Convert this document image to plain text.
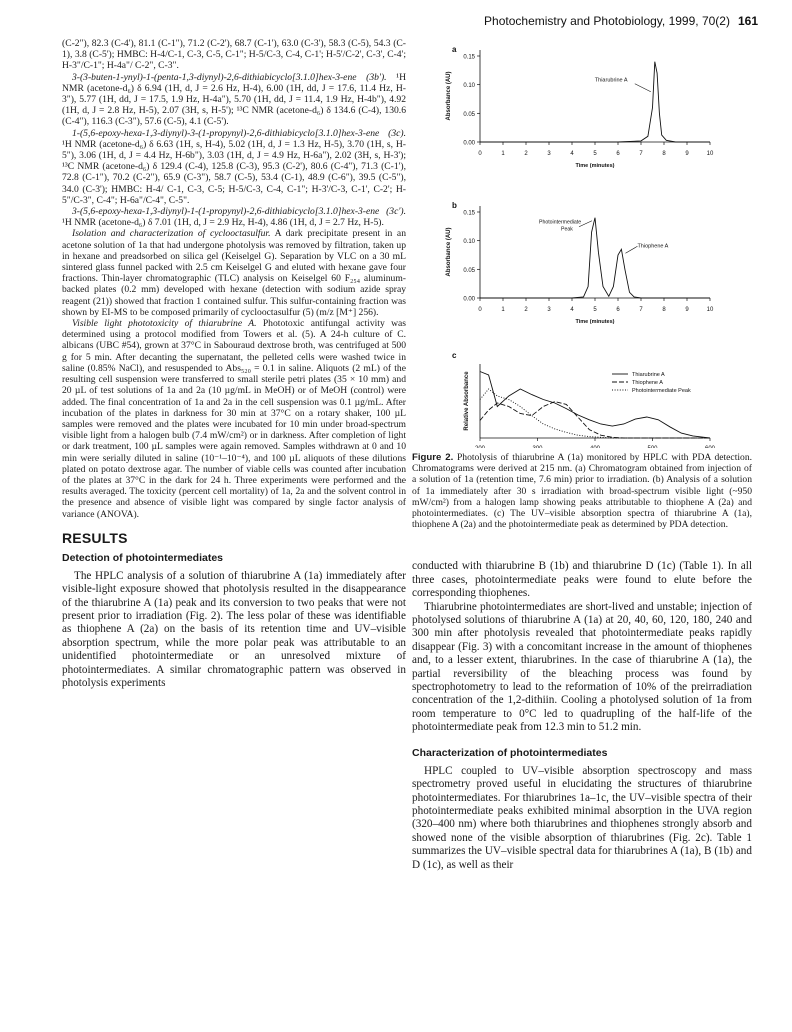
Photochemistry and Photobiology, 1999, 70(2) 161

(C-2"), 82.3 (C-4'), 81.1 (C-1"), 71.2 (C-2'), 68.7 (C-1'), 63.0 (C-3'), 58.3 (C-5), 54.3 (C-1), 3.8 (C-5'); HMBC: H-4/C-1, C-3, C-5, C-1"; H-5/C-3, C-4, C-1'; H-5'/C-2', C-3', C-4'; H-3"/C-1"; H-4a"/ C-2", C-3".

3-(3-buten-1-ynyl)-1-(penta-1,3-diynyl)-2,6-dithiabicyclo[3.1.0]hex-3-ene (3b'). ¹H NMR (acetone-d₆) δ 6.94 (1H, d, J = 2.6 Hz, H-4), 6.00 (1H, dd, J = 17.6, 11.4 Hz, H-3"), 5.77 (1H, dd, J = 17.5, 1.9 Hz, H-4a"), 5.70 (1H, dd, J = 11.4, 1.9 Hz, H-4b"), 4.92 (1H, d, J = 2.8 Hz, H-5), 2.07 (3H, s, H-5'); ¹³C NMR (acetone-d₆) δ 134.6 (C-4), 130.6 (C-4"), 116.3 (C-3"), 57.6 (C-5), 4.1 (C-5').

1-(5,6-epoxy-hexa-1,3-diynyl)-3-(1-propynyl)-2,6-dithiabicyclo[3.1.0]hex-3-ene (3c). ¹H NMR (acetone-d₆) δ 6.63 (1H, s, H-4), 5.02 (1H, d, J = 1.3 Hz, H-5), 3.70 (1H, s, H-5"), 3.06 (1H, d, J = 4.4 Hz, H-6b"), 3.03 (1H, d, J = 4.9 Hz, H-6a"), 2.02 (3H, s, H-3'); ¹³C NMR (acetone-d₆) δ 129.4 (C-4), 125.8 (C-3), 95.3 (C-2'), 80.6 (C-4"), 71.3 (C-1'), 72.8 (C-1"), 70.2 (C-2"), 65.9 (C-3"), 58.7 (C-5), 53.4 (C-1), 48.9 (C-6"), 39.5 (C-5"), 34.0 (C-3'); HMBC: H-4/ C-1, C-3, C-5; H-5/C-3, C-4, C-1"; H-3'/C-3, C-1', C-2'; H-5"/C-3", C-4"; H-6a"/C-4", C-5".

3-(5,6-epoxy-hexa-1,3-diynyl)-1-(1-propynyl)-2,6-dithiabicyclo[3.1.0]hex-3-ene (3c'). ¹H NMR (acetone-d₆) δ 7.01 (1H, d, J = 2.9 Hz, H-4), 4.86 (1H, d, J = 2.7 Hz, H-5).

Isolation and characterization of cyclooctasulfur. A dark precipitate present in an acetone solution of 1a that had undergone photolysis was removed by filtration, taken up in hexane and preadsorbed on silica gel (Keiselgel G). Separation by VLC on a 30 mL sintered glass funnel packed with 2.5 cm Keiselgel G and eluted with hexane gave four fractions. Thin-layer chromatographic (TLC) analysis on Keiselgel 60 F₂₅₄ aluminum-backed plates (0.2 mm) developed with hexane (detection with sodium azide spray reagent (21)) showed that fraction 1 contained sulfur. This sulfur-containing fraction was shown by EI-MS to be composed primarily of cyclooctasulfur (5) (m/z [M⁺] 256).

Visible light phototoxicity of thiarubrine A. Phototoxic antifungal activity was determined using a protocol modified from Towers et al. (5). A 24-h culture of C. albicans (UBC #54), grown at 37°C in Sabouraud dextrose broth, was centrifuged at 500 g for 5 min. After decanting the supernatant, the pelleted cells were washed twice in saline (0.85% NaCl), and resuspended to Abs₅₂₀ = 0.1 in saline. Aliquots (2 mL) of the resulting cell suspension were transferred to small sterile petri plates (35 × 10 mm) and 20 µL of test solutions of 1a and 2a (10 µg/mL in MeOH) or of MeOH (control) were added. The final concentration of 1a and 2a in the cell suspension was 0.1 µg/mL. After incubation of the plates in darkness for 30 min at 37°C on a rotary shaker, 100 µL samples were removed and the plates were incubated for 10 min under broad-spectrum visible light from a halogen bulb (7.4 mW/cm²) or in darkness. After completion of light or dark treatment, 100 µL samples were again removed. Samples withdrawn at 0 and 10 min were serially diluted in saline (10⁻¹–10⁻⁴), and 100 µL aliquots of these dilutions plated on potato dextrose agar. The number of viable cells was counted after incubation of the plates at 37°C in the dark for 24 h. Three experiments were performed and the results averaged. The toxicity (percent cell mortality) of 1a, 2a and the solvent control in the presence and absence of visible light was compared by single factor analysis of variance (ANOVA).

RESULTS
Detection of photointermediates

The HPLC analysis of a solution of thiarubrine A (1a) immediately after visible-light exposure showed that photolysis resulted in the disappearance of the thiarubrine A (1a) peak and its conversion to two peaks that were not present prior to irradiation (Fig. 2). The less polar of these was identifiable as thiophene A (2a) on the basis of its retention time and UV–visible absorption spectrum, while the more polar peak was attributable to an unidentified photointermediate or an unresolved mixture of photointermediates. A similar chromatographic pattern was observed in photolysis experiments

a
0.00
0.05
0.10
0.15
0	1	2	3	4	5	6	7	8	9	10
Time (minutes)
Absorbance (AU)	Thiarubrine A
b
0.00
0.05
0.10
0.15
0	1	2	3	4	5	6	7	8	9	10
Time (minutes)
Absorbance (AU)
Photointermediate
Peak
Thiophene A
c
Relative Absorbance	Thiarubrine A
Thiophene A
Photointermediate Peak
Figure 2. Photolysis of thiarubrine A (1a) monitored by HPLC with PDA detection. Chromatograms were derived at 215 nm. (a) Chromatogram obtained from injection of a solution of 1a (retention time, 7.6 min) prior to irradiation. (b) Analysis of a solution of 1a immediately after 30 s irradiation with broad-spectrum visible light (~950 mW/cm²) from a halogen lamp showing peaks attributable to thiophene A (2a) and photointermediates. (c) The UV–visible absorption spectra of thiarubrine A (1a), thiophene A (2a) and the photointermediate peak as determined by PDA detection.

conducted with thiarubrine B (1b) and thiarubrine D (1c) (Table 1). In all three cases, photointermediate peaks were found to elute before the corresponding thiophenes.

Thiarubrine photointermediates are short-lived and unstable; injection of photolysed solutions of thiarubrine A (1a) at 20, 40, 60, 120, 180, 240 and 300 min after photolysis revealed that photointermediate peaks rapidly disappear (Fig. 3) with a concomitant increase in the amount of thiophenes and, to a lesser extent, thiarubrines. In the case of thiarubrine A (1a), the partial reversibility of the bleaching process was found by spectrophotometry to lead to the reformation of 10% of the preirradiation concentration of the 1,2-dithiin. Cooling a photolysed solution of 1a from room temperature to 0°C led to quadrupling of the half-life of the photointermediate peak from 12.3 min to 51.2 min.

Characterization of photointermediates

HPLC coupled to UV–visible absorption spectroscopy and mass spectrometry proved useful in elucidating the structures of thiarubrine photointermediates. For thiarubrines 1a–1c, the UV–visible spectra of their photointermediate peaks exhibited minimal absorption in the UVA region (320–400 nm) where both thiarubrines and thiophenes strongly absorb and showed none of the visible absorption of thiarubrines (Fig. 2c). Table 1 summarizes the UV–visible spectral data for thiarubrines A (1a), B (1b) and D (1c), as well as their
